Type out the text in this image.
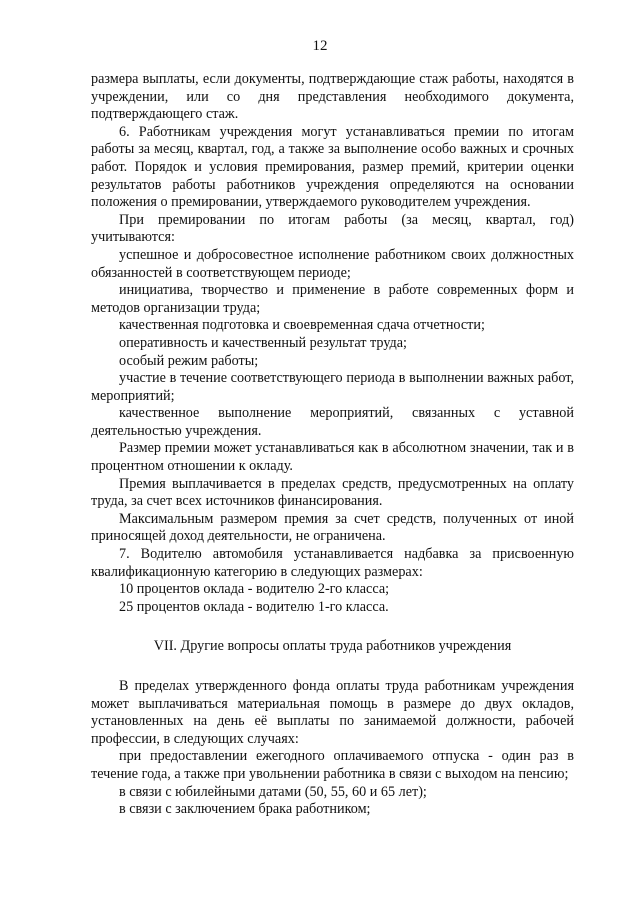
12

размера выплаты, если документы, подтверждающие стаж работы, находятся в учреждении, или со дня представления необходимого документа, подтверждающего стаж.

6. Работникам учреждения могут устанавливаться премии по итогам работы за месяц, квартал, год, а также за выполнение особо важных и срочных работ. Порядок и условия премирования, размер премий, критерии оценки результатов работы работников учреждения определяются на основании положения о премировании, утверждаемого руководителем учреждения.

При премировании по итогам работы (за месяц, квартал, год) учитываются:

успешное и добросовестное исполнение работником своих должностных обязанностей в соответствующем периоде;

инициатива, творчество и применение в работе современных форм и методов организации труда;

качественная подготовка и своевременная сдача отчетности;

оперативность и качественный результат труда;

особый режим работы;

участие в течение соответствующего периода в выполнении важных работ, мероприятий;

качественное выполнение мероприятий, связанных с уставной деятельностью учреждения.

Размер премии может устанавливаться как в абсолютном значении, так и в процентном отношении к окладу.

Премия выплачивается в пределах средств, предусмотренных на оплату труда, за счет всех источников финансирования.

Максимальным размером премия за счет средств, полученных от иной приносящей доход деятельности, не ограничена.

7. Водителю автомобиля устанавливается надбавка за присвоенную квалификационную категорию в следующих размерах:

10 процентов оклада - водителю 2-го класса;

25 процентов оклада - водителю 1-го класса.

VII. Другие вопросы оплаты труда работников учреждения

В пределах утвержденного фонда оплаты труда работникам учреждения может выплачиваться материальная помощь в размере до двух окладов, установленных на день её выплаты по занимаемой должности, рабочей профессии, в следующих случаях:

при предоставлении ежегодного оплачиваемого отпуска - один раз в течение года, а также при увольнении работника в связи с выходом на пенсию;

в связи с юбилейными датами (50, 55, 60 и 65 лет);

в связи с заключением брака работником;
